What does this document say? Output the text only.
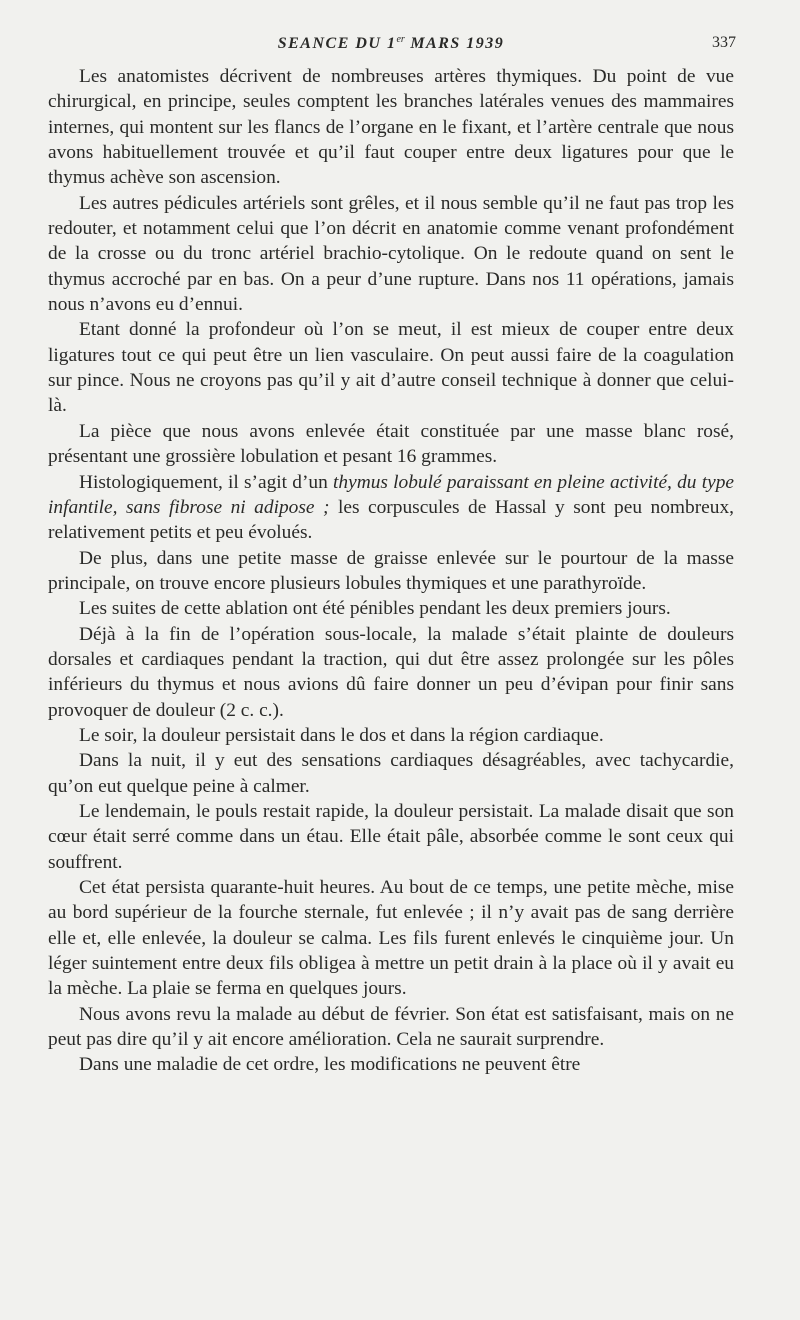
SEANCE DU 1er MARS 1939	337

Les anatomistes décrivent de nombreuses artères thymiques. Du point de vue chirurgical, en principe, seules comptent les branches latérales venues des mammaires internes, qui montent sur les flancs de l’organe en le fixant, et l’artère centrale que nous avons habituellement trouvée et qu’il faut couper entre deux ligatures pour que le thymus achève son ascension.

Les autres pédicules artériels sont grêles, et il nous semble qu’il ne faut pas trop les redouter, et notamment celui que l’on décrit en anatomie comme venant profondément de la crosse ou du tronc artériel brachio-cytolique. On le redoute quand on sent le thymus accroché par en bas. On a peur d’une rupture. Dans nos 11 opérations, jamais nous n’avons eu d’ennui.

Etant donné la profondeur où l’on se meut, il est mieux de couper entre deux ligatures tout ce qui peut être un lien vasculaire. On peut aussi faire de la coagulation sur pince. Nous ne croyons pas qu’il y ait d’autre conseil technique à donner que celui-là.

La pièce que nous avons enlevée était constituée par une masse blanc rosé, présentant une grossière lobulation et pesant 16 grammes.

Histologiquement, il s’agit d’un thymus lobulé paraissant en pleine activité, du type infantile, sans fibrose ni adipose ; les corpuscules de Hassal y sont peu nombreux, relativement petits et peu évolués.

De plus, dans une petite masse de graisse enlevée sur le pourtour de la masse principale, on trouve encore plusieurs lobules thymiques et une parathyroïde.

Les suites de cette ablation ont été pénibles pendant les deux premiers jours.

Déjà à la fin de l’opération sous-locale, la malade s’était plainte de douleurs dorsales et cardiaques pendant la traction, qui dut être assez prolongée sur les pôles inférieurs du thymus et nous avions dû faire donner un peu d’évipan pour finir sans provoquer de douleur (2 c. c.).

Le soir, la douleur persistait dans le dos et dans la région cardiaque.

Dans la nuit, il y eut des sensations cardiaques désagréables, avec tachycardie, qu’on eut quelque peine à calmer.

Le lendemain, le pouls restait rapide, la douleur persistait. La malade disait que son cœur était serré comme dans un étau. Elle était pâle, absorbée comme le sont ceux qui souffrent.

Cet état persista quarante-huit heures. Au bout de ce temps, une petite mèche, mise au bord supérieur de la fourche sternale, fut enlevée ; il n’y avait pas de sang derrière elle et, elle enlevée, la douleur se calma. Les fils furent enlevés le cinquième jour. Un léger suintement entre deux fils obligea à mettre un petit drain à la place où il y avait eu la mèche. La plaie se ferma en quelques jours.

Nous avons revu la malade au début de février. Son état est satisfaisant, mais on ne peut pas dire qu’il y ait encore amélioration. Cela ne saurait surprendre.

Dans une maladie de cet ordre, les modifications ne peuvent être
